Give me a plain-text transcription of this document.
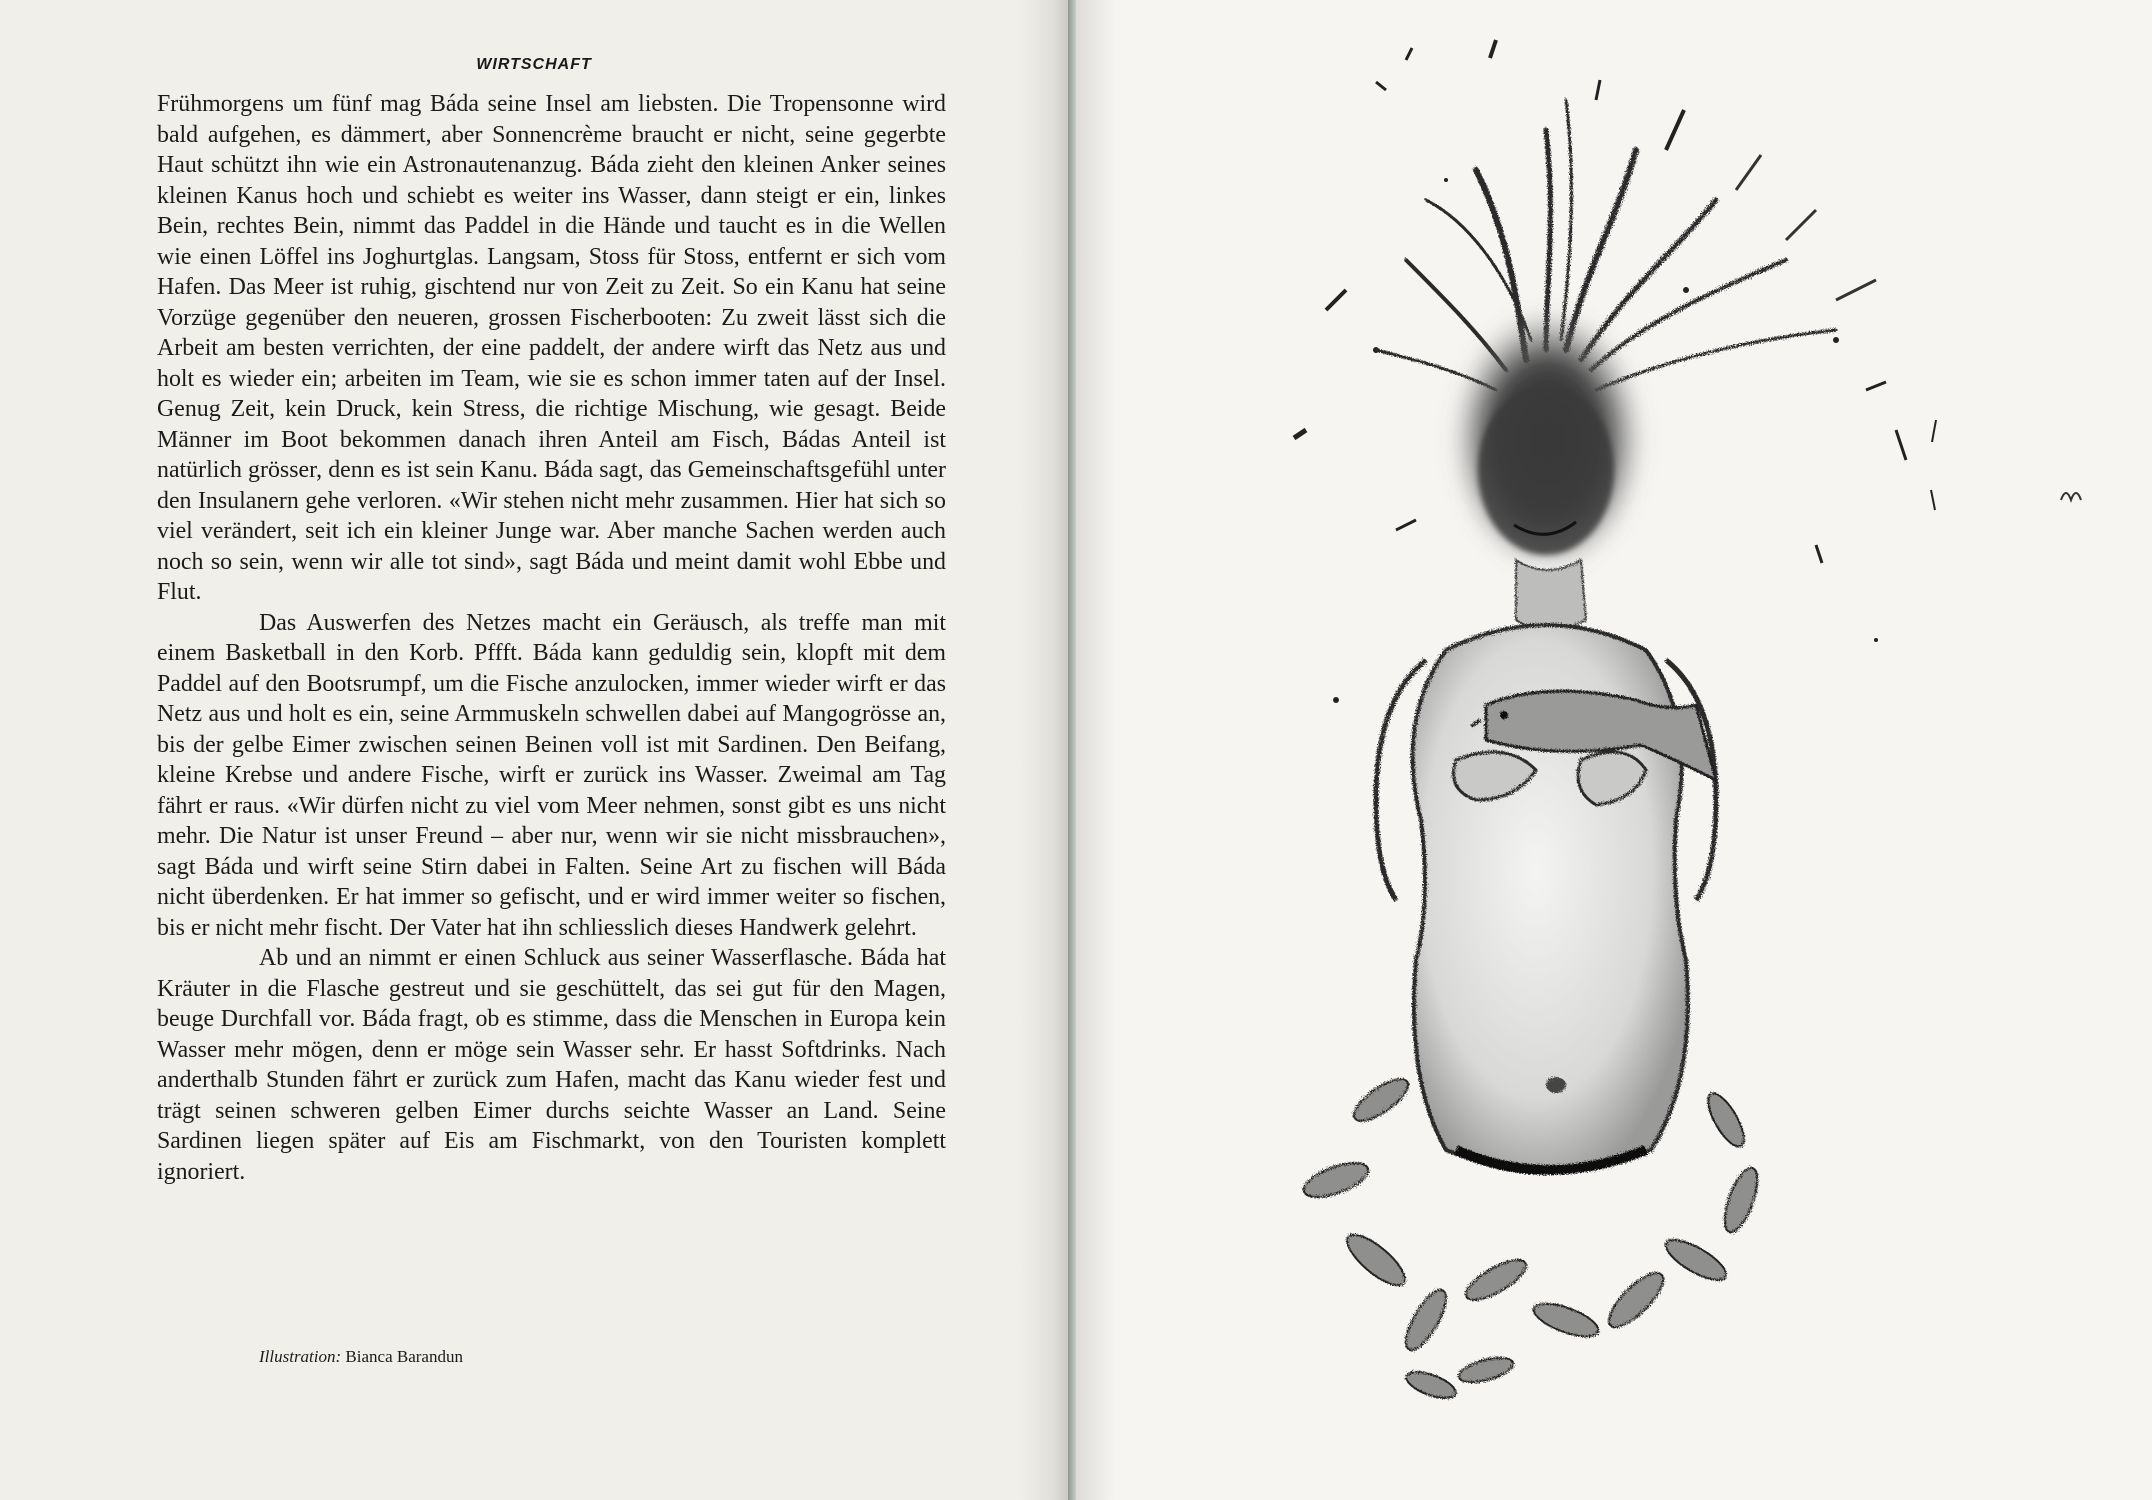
WIRTSCHAFT

Frühmorgens um fünf mag Báda seine Insel am liebsten. Die Tropensonne wird bald aufgehen, es dämmert, aber Sonnencrème braucht er nicht, seine gegerbte Haut schützt ihn wie ein Astronautenanzug. Báda zieht den kleinen Anker seines kleinen Kanus hoch und schiebt es weiter ins Wasser, dann steigt er ein, linkes Bein, rechtes Bein, nimmt das Paddel in die Hände und taucht es in die Wellen wie einen Löffel ins Joghurtglas. Langsam, Stoss für Stoss, entfernt er sich vom Hafen. Das Meer ist ruhig, gischtend nur von Zeit zu Zeit. So ein Kanu hat seine Vorzüge gegenüber den neueren, grossen Fischerbooten: Zu zweit lässt sich die Arbeit am besten verrichten, der eine paddelt, der andere wirft das Netz aus und holt es wieder ein; arbeiten im Team, wie sie es schon immer taten auf der Insel. Genug Zeit, kein Druck, kein Stress, die richtige Mischung, wie gesagt. Beide Männer im Boot bekommen danach ihren Anteil am Fisch, Bádas Anteil ist natürlich grösser, denn es ist sein Kanu. Báda sagt, das Gemeinschaftsgefühl unter den Insulanern gehe verloren. «Wir stehen nicht mehr zusammen. Hier hat sich so viel verändert, seit ich ein kleiner Junge war. Aber manche Sachen werden auch noch so sein, wenn wir alle tot sind», sagt Báda und meint damit wohl Ebbe und Flut.

Das Auswerfen des Netzes macht ein Geräusch, als treffe man mit einem Basketball in den Korb. Pffft. Báda kann geduldig sein, klopft mit dem Paddel auf den Bootsrumpf, um die Fische anzulocken, immer wieder wirft er das Netz aus und holt es ein, seine Armmuskeln schwellen dabei auf Mangogrösse an, bis der gelbe Eimer zwischen seinen Beinen voll ist mit Sardinen. Den Beifang, kleine Krebse und andere Fische, wirft er zurück ins Wasser. Zweimal am Tag fährt er raus. «Wir dürfen nicht zu viel vom Meer nehmen, sonst gibt es uns nicht mehr. Die Natur ist unser Freund – aber nur, wenn wir sie nicht missbrauchen», sagt Báda und wirft seine Stirn dabei in Falten. Seine Art zu fischen will Báda nicht überdenken. Er hat immer so gefischt, und er wird immer weiter so fischen, bis er nicht mehr fischt. Der Vater hat ihn schliesslich dieses Handwerk gelehrt.

Ab und an nimmt er einen Schluck aus seiner Wasserflasche. Báda hat Kräuter in die Flasche gestreut und sie geschüttelt, das sei gut für den Magen, beuge Durchfall vor. Báda fragt, ob es stimme, dass die Menschen in Europa kein Wasser mehr mögen, denn er möge sein Wasser sehr. Er hasst Softdrinks. Nach anderthalb Stunden fährt er zurück zum Hafen, macht das Kanu wieder fest und trägt seinen schweren gelben Eimer durchs seichte Wasser an Land. Seine Sardinen liegen später auf Eis am Fischmarkt, von den Touristen komplett ignoriert.

Illustration: Bianca Barandun
